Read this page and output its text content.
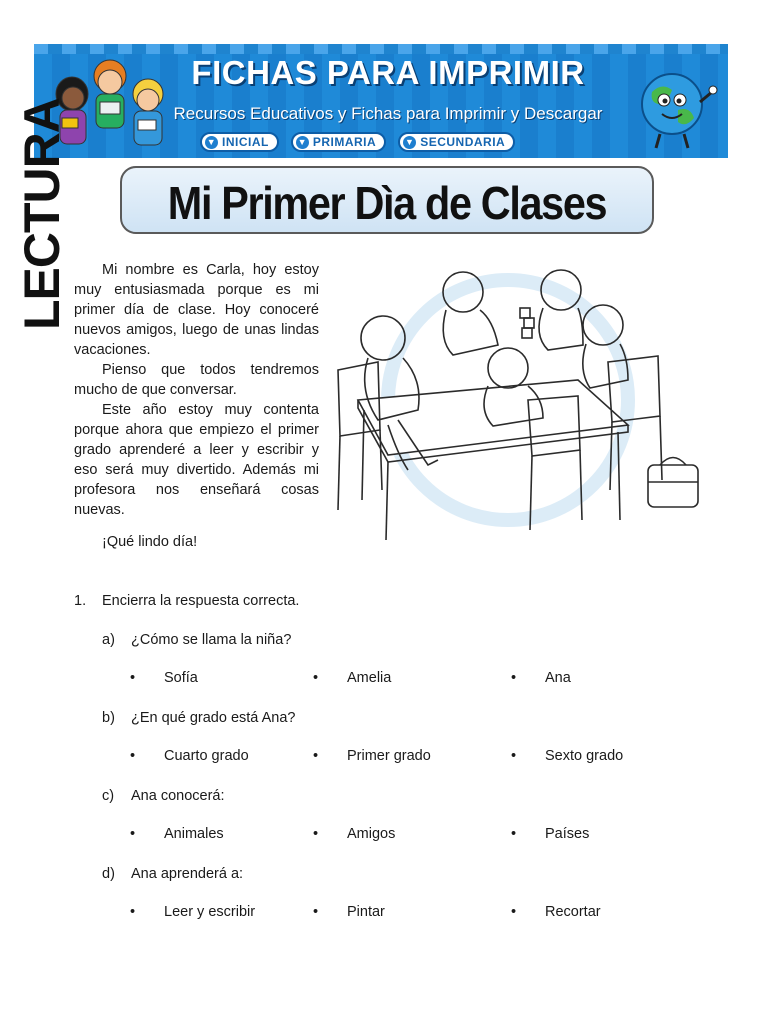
FICHAS PARA IMPRIMIR
Recursos Educativos y Fichas para Imprimir y Descargar
▼ INICIAL	▼ PRIMARIA	▼ SECUNDARIA
LECTURA	Mi Primer Dìa de Clases

Mi nombre es Carla, hoy estoy muy entusiasmada porque es mi primer día de clase. Hoy conoceré nuevos amigos, luego de unas lindas vacaciones.

Pienso que todos tendremos mucho de que conversar.

Este año estoy muy contenta porque ahora que empiezo el primer grado aprenderé a leer y escribir y eso será muy divertido. Además mi profesora nos enseñará cosas nuevas.

¡Qué lindo día!
1. Encierra la respuesta correcta.
a) ¿Cómo se llama la niña?
• Sofía	• Amelia	• Ana
b) ¿En qué grado está Ana?
• Cuarto grado	• Primer grado	• Sexto grado
c) Ana conocerá:
• Animales	• Amigos	• Países
d) Ana aprenderá a:
• Leer y escribir	• Pintar	• Recortar
